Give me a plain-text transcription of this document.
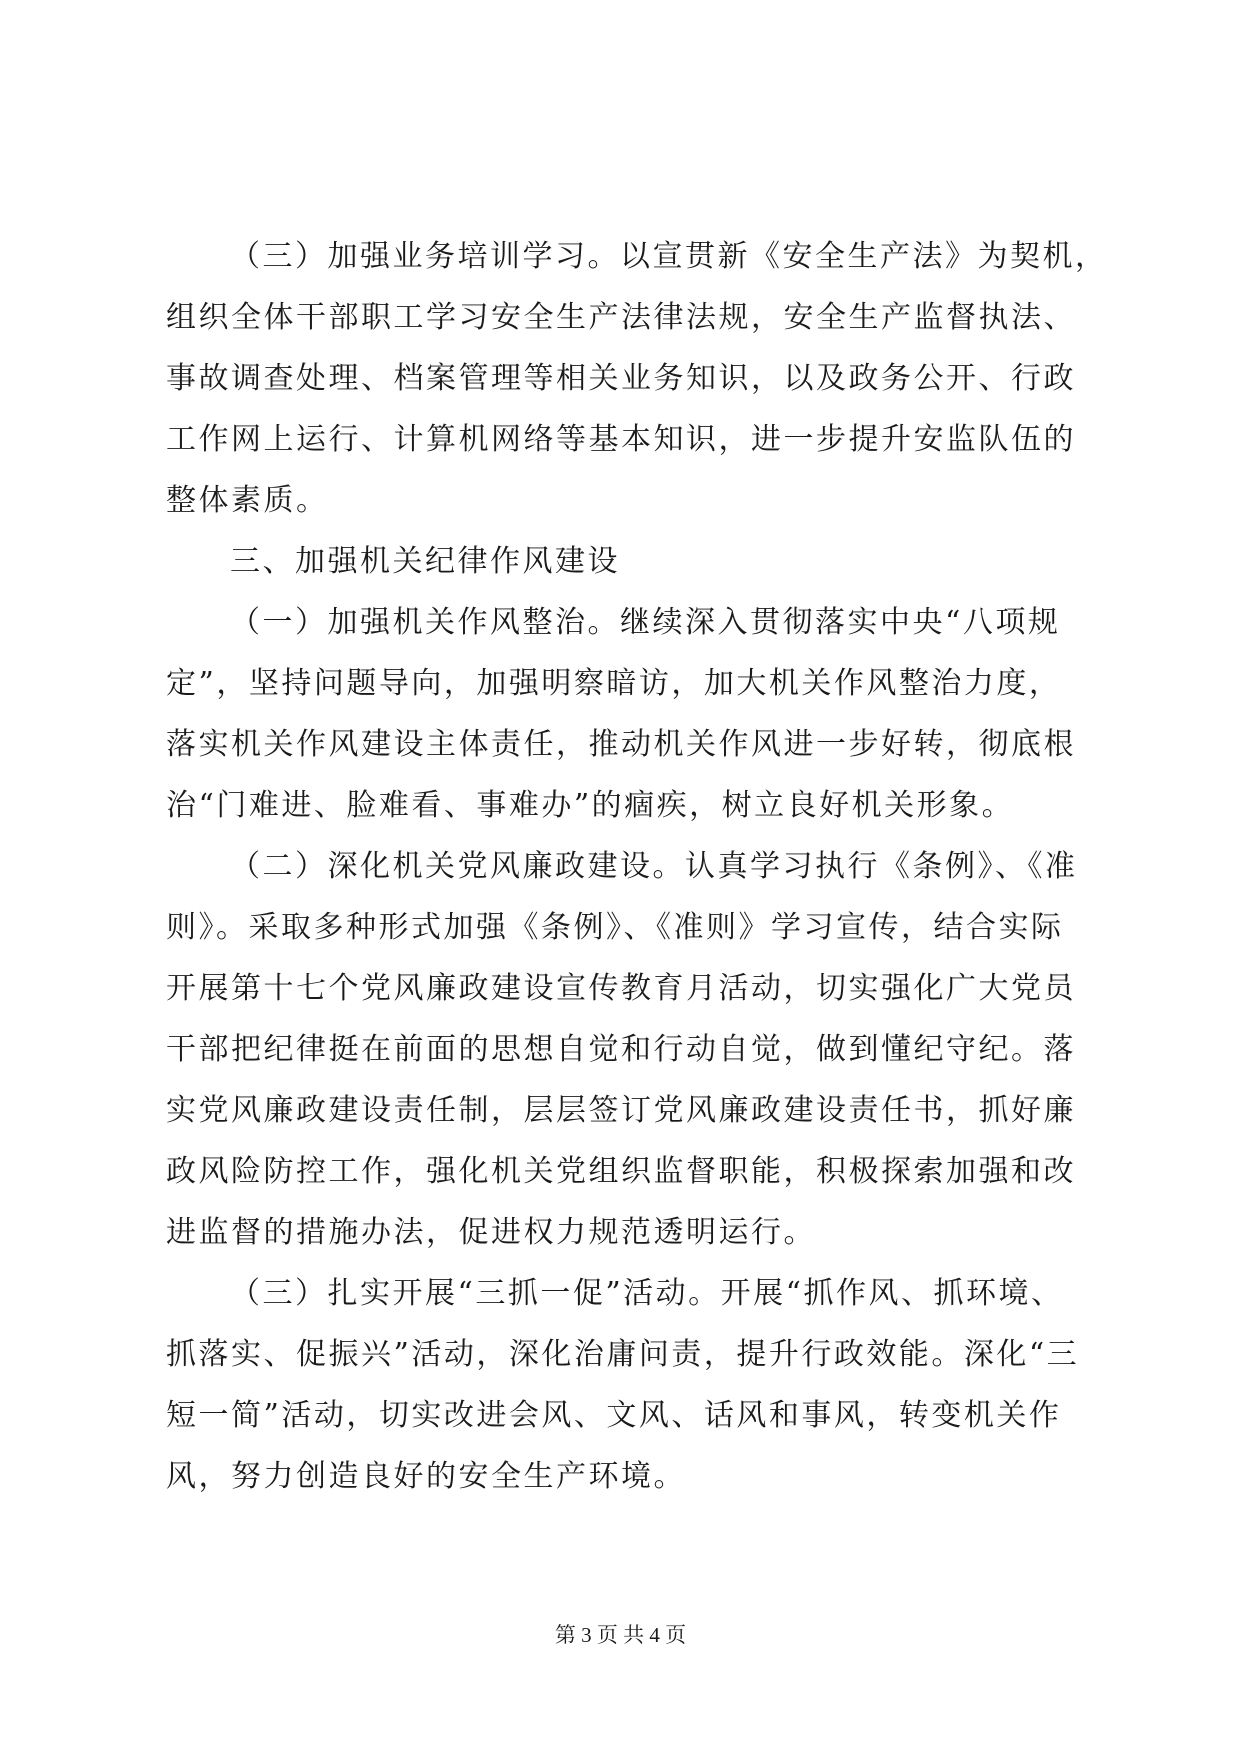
（三）加强业务培训学习。以宣贯新《安全生产法》为契机，
组织全体干部职工学习安全生产法律法规，安全生产监督执法、
事故调查处理、档案管理等相关业务知识，以及政务公开、行政
工作网上运行、计算机网络等基本知识，进一步提升安监队伍的
整体素质。
三、加强机关纪律作风建设
（一）加强机关作风整治。继续深入贯彻落实中央“八项规
定”，坚持问题导向，加强明察暗访，加大机关作风整治力度，
落实机关作风建设主体责任，推动机关作风进一步好转，彻底根
治“门难进、脸难看、事难办”的痼疾，树立良好机关形象。
（二）深化机关党风廉政建设。认真学习执行《条例》、《准
则》。采取多种形式加强《条例》、《准则》学习宣传，结合实际
开展第十七个党风廉政建设宣传教育月活动，切实强化广大党员
干部把纪律挺在前面的思想自觉和行动自觉，做到懂纪守纪。落
实党风廉政建设责任制，层层签订党风廉政建设责任书，抓好廉
政风险防控工作，强化机关党组织监督职能，积极探索加强和改
进监督的措施办法，促进权力规范透明运行。
（三）扎实开展“三抓一促”活动。开展“抓作风、抓环境、
抓落实、促振兴”活动，深化治庸问责，提升行政效能。深化“三
短一简”活动，切实改进会风、文风、话风和事风，转变机关作
风，努力创造良好的安全生产环境。
第 3 页 共 4 页
